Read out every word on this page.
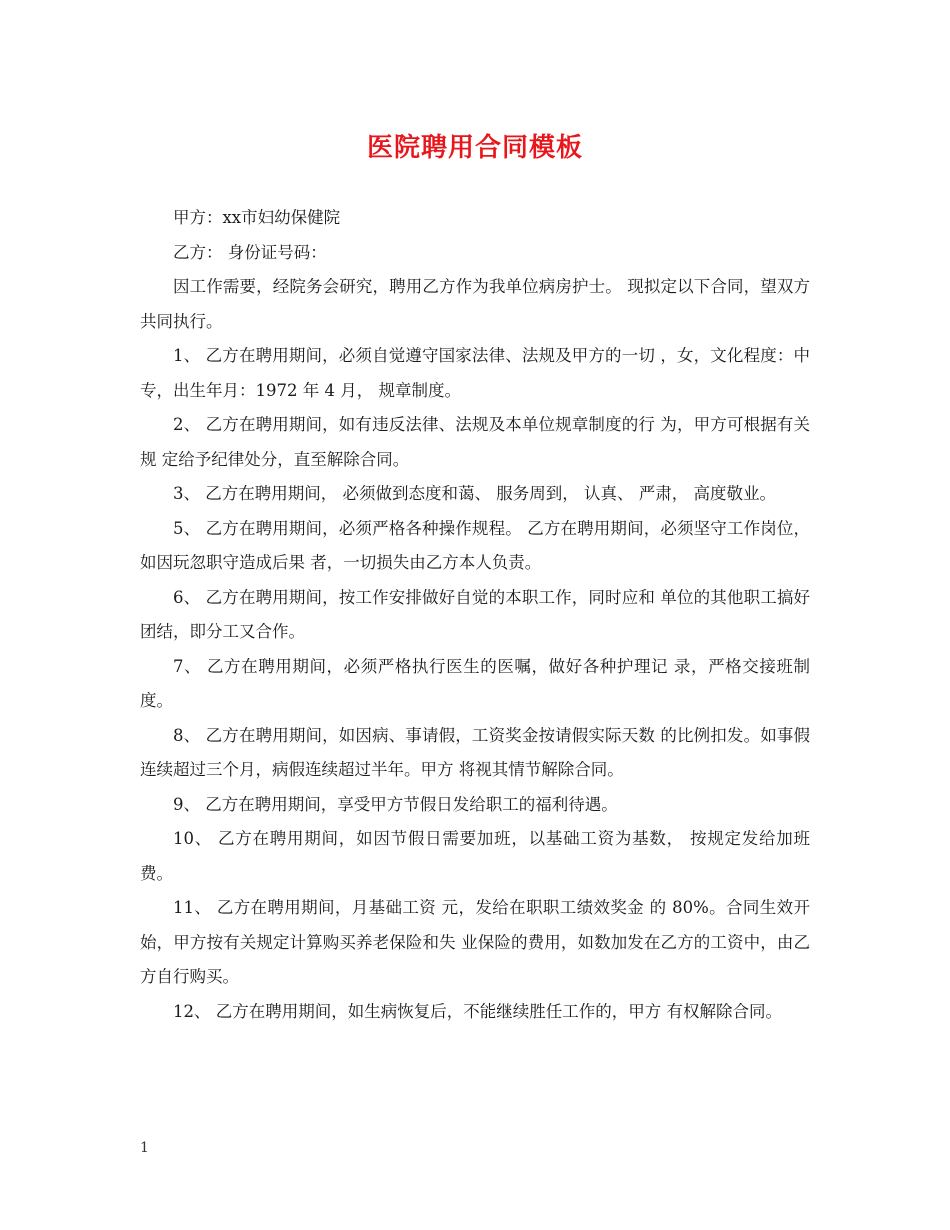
医院聘用合同模板

甲方：xx市妇幼保健院

乙方： 身份证号码：

因工作需要，经院务会研究，聘用乙方作为我单位病房护士。 现拟定以下合同，望双方共同执行。

1、 乙方在聘用期间，必须自觉遵守国家法律、法规及甲方的一切 ，女，文化程度：中专，出生年月：1972 年 4 月， 规章制度。

2、 乙方在聘用期间，如有违反法律、法规及本单位规章制度的行 为，甲方可根据有关规 定给予纪律处分，直至解除合同。

3、 乙方在聘用期间， 必须做到态度和蔼、 服务周到， 认真、 严肃， 高度敬业。

5、 乙方在聘用期间，必须严格各种操作规程。 乙方在聘用期间，必须坚守工作岗位，如因玩忽职守造成后果 者，一切损失由乙方本人负责。

6、 乙方在聘用期间，按工作安排做好自觉的本职工作，同时应和 单位的其他职工搞好团结，即分工又合作。

7、 乙方在聘用期间，必须严格执行医生的医嘱，做好各种护理记 录，严格交接班制度。

8、 乙方在聘用期间，如因病、事请假，工资奖金按请假实际天数 的比例扣发。如事假连续超过三个月，病假连续超过半年。甲方 将视其情节解除合同。

9、 乙方在聘用期间，享受甲方节假日发给职工的福利待遇。

10、 乙方在聘用期间，如因节假日需要加班，以基础工资为基数， 按规定发给加班费。

11、 乙方在聘用期间，月基础工资 元，发给在职职工绩效奖金 的 80%。合同生效开始，甲方按有关规定计算购买养老保险和失 业保险的费用，如数加发在乙方的工资中，由乙方自行购买。

12、 乙方在聘用期间，如生病恢复后，不能继续胜任工作的，甲方 有权解除合同。

1
